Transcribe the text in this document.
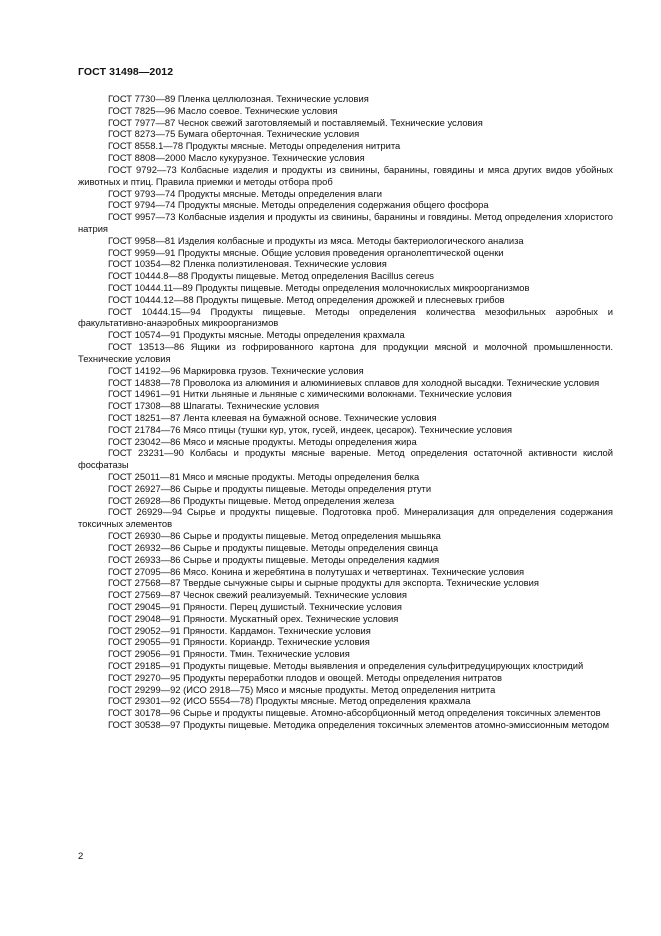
ГОСТ 31498—2012
ГОСТ 7730—89 Пленка целлюлозная. Технические условия
ГОСТ 7825—96 Масло соевое. Технические условия
ГОСТ 7977—87 Чеснок свежий заготовляемый и поставляемый. Технические условия
ГОСТ 8273—75 Бумага оберточная. Технические условия
ГОСТ 8558.1—78 Продукты мясные. Методы определения нитрита
ГОСТ 8808—2000 Масло кукурузное. Технические условия
ГОСТ 9792—73 Колбасные изделия и продукты из свинины, баранины, говядины и мяса других видов убойных животных и птиц. Правила приемки и методы отбора проб
ГОСТ 9793—74 Продукты мясные. Методы определения влаги
ГОСТ 9794—74 Продукты мясные. Методы определения содержания общего фосфора
ГОСТ 9957—73 Колбасные изделия и продукты из свинины, баранины и говядины. Метод определения хлористого натрия
ГОСТ 9958—81 Изделия колбасные и продукты из мяса. Методы бактериологического анализа
ГОСТ 9959—91 Продукты мясные. Общие условия проведения органолептической оценки
ГОСТ 10354—82 Пленка полиэтиленовая. Технические условия
ГОСТ 10444.8—88 Продукты пищевые. Метод определения Bacillus cereus
ГОСТ 10444.11—89 Продукты пищевые. Методы определения молочнокислых микроорганизмов
ГОСТ 10444.12—88 Продукты пищевые. Метод определения дрожжей и плесневых грибов
ГОСТ 10444.15—94 Продукты пищевые. Методы определения количества мезофильных аэробных и факультативно-анаэробных микроорганизмов
ГОСТ 10574—91 Продукты мясные. Методы определения крахмала
ГОСТ 13513—86 Ящики из гофрированного картона для продукции мясной и молочной промышленности. Технические условия
ГОСТ 14192—96 Маркировка грузов. Технические условия
ГОСТ 14838—78 Проволока из алюминия и алюминиевых сплавов для холодной высадки. Технические условия
ГОСТ 14961—91 Нитки льняные и льняные с химическими волокнами. Технические условия
ГОСТ 17308—88 Шпагаты. Технические условия
ГОСТ 18251—87 Лента клеевая на бумажной основе. Технические условия
ГОСТ 21784—76 Мясо птицы (тушки кур, уток, гусей, индеек, цесарок). Технические условия
ГОСТ 23042—86 Мясо и мясные продукты. Методы определения жира
ГОСТ 23231—90 Колбасы и продукты мясные вареные. Метод определения остаточной активности кислой фосфатазы
ГОСТ 25011—81 Мясо и мясные продукты. Методы определения белка
ГОСТ 26927—86 Сырье и продукты пищевые. Методы определения ртути
ГОСТ 26928—86 Продукты пищевые. Метод определения железа
ГОСТ 26929—94 Сырье и продукты пищевые. Подготовка проб. Минерализация для определения содержания токсичных элементов
ГОСТ 26930—86 Сырье и продукты пищевые. Метод определения мышьяка
ГОСТ 26932—86 Сырье и продукты пищевые. Методы определения свинца
ГОСТ 26933—86 Сырье и продукты пищевые. Методы определения кадмия
ГОСТ 27095—86 Мясо. Конина и жеребятина в полутушах и четвертинах. Технические условия
ГОСТ 27568—87 Твердые сычужные сыры и сырные продукты для экспорта. Технические условия
ГОСТ 27569—87 Чеснок свежий реализуемый. Технические условия
ГОСТ 29045—91 Пряности. Перец душистый. Технические условия
ГОСТ 29048—91 Пряности. Мускатный орех. Технические условия
ГОСТ 29052—91 Пряности. Кардамон. Технические условия
ГОСТ 29055—91 Пряности. Кориандр. Технические условия
ГОСТ 29056—91 Пряности. Тмин. Технические условия
ГОСТ 29185—91 Продукты пищевые. Методы выявления и определения сульфитредуцирующих клостридий
ГОСТ 29270—95 Продукты переработки плодов и овощей. Методы определения нитратов
ГОСТ 29299—92 (ИСО 2918—75) Мясо и мясные продукты. Метод определения нитрита
ГОСТ 29301—92 (ИСО 5554—78) Продукты мясные. Метод определения крахмала
ГОСТ 30178—96 Сырье и продукты пищевые. Атомно-абсорбционный метод определения токсичных элементов
ГОСТ 30538—97 Продукты пищевые. Методика определения токсичных элементов атомно-эмиссионным методом
2
